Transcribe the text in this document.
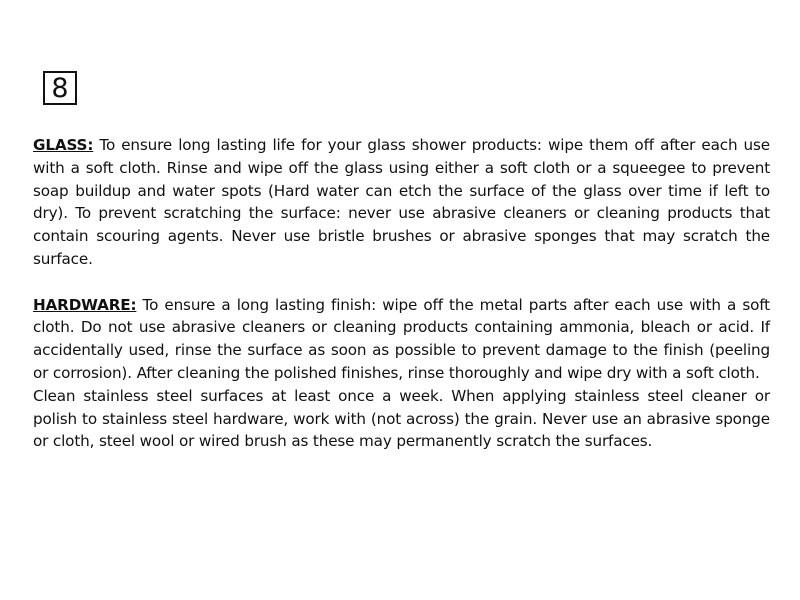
8

GLASS: To ensure long lasting life for your glass shower products: wipe them off after each use with a soft cloth. Rinse and wipe off the glass using either a soft cloth or a squeegee to prevent soap buildup and water spots (Hard water can etch the surface of the glass over time if left to dry). To prevent scratching the surface: never use abrasive cleaners or cleaning products that contain scouring agents. Never use bristle brushes or abrasive sponges that may scratch the surface.

HARDWARE: To ensure a long lasting finish: wipe off the metal parts after each use with a soft cloth. Do not use abrasive cleaners or cleaning products containing ammonia, bleach or acid. If accidentally used, rinse the surface as soon as possible to prevent damage to the finish (peeling or corrosion). After cleaning the polished finishes, rinse thoroughly and wipe dry with a soft cloth.

Clean stainless steel surfaces at least once a week. When applying stainless steel cleaner or polish to stainless steel hardware, work with (not across) the grain. Never use an abrasive sponge or cloth, steel wool or wired brush as these may permanently scratch the surfaces.
